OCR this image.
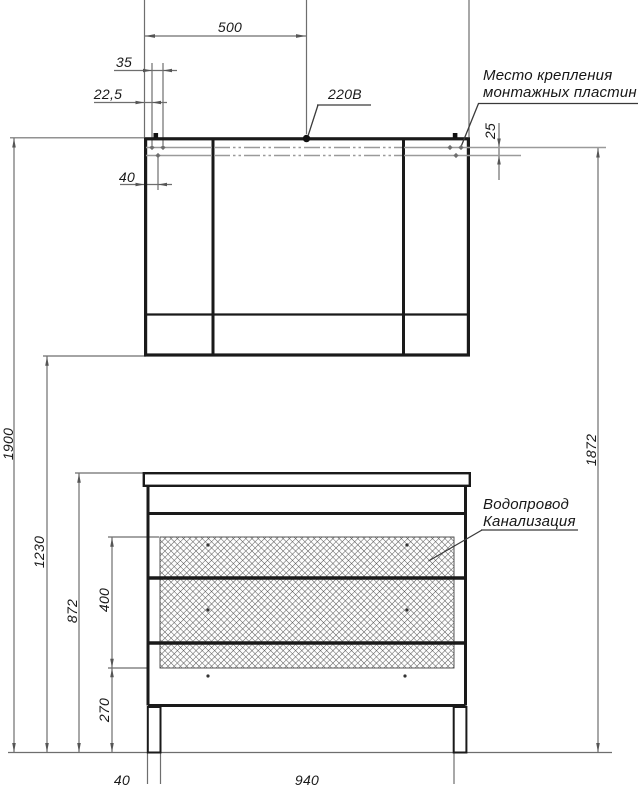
500
35
22,5
40
220В
25
1872
1900
1230
872 400
270
40	940
Место крепления
монтажных пластин
Водопровод
Канализация
